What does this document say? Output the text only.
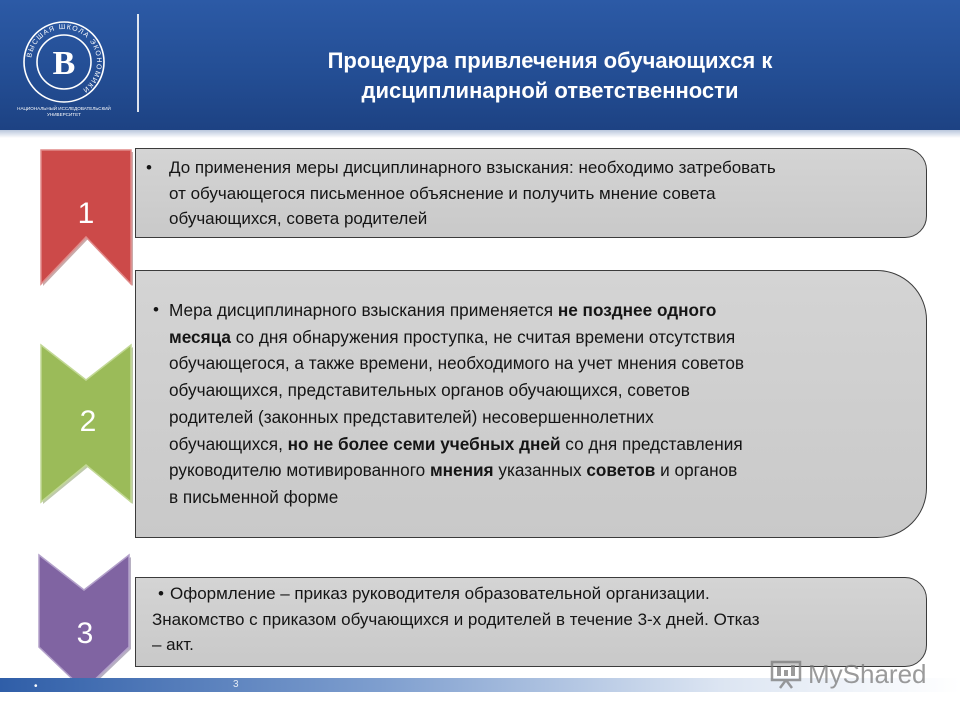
ВЫСШАЯ ШКОЛА ЭКОНОМИКИ
В
НАЦИОНАЛЬНЫЙ ИССЛЕДОВАТЕЛЬСКИЙ
УНИВЕРСИТЕТ
Процедура привлечения обучающихся к
дисциплинарной ответственности
1
2
3
• До применения меры дисциплинарного взыскания: необходимо затребовать
от обучающегося письменное объяснение и получить мнение совета
обучающихся, совета родителей
• Мера дисциплинарного взыскания применяется не позднее одного
месяца со дня обнаружения проступка, не считая времени отсутствия
обучающегося, а также времени, необходимого на учет мнения советов
обучающихся, представительных органов обучающихся, советов
родителей (законных представителей) несовершеннолетних
обучающихся, но не более семи учебных дней со дня представления
руководителю мотивированного мнения указанных советов и органов
в письменной форме
• Оформление – приказ руководителя образовательной организации.
Знакомство с приказом обучающихся и родителей в течение 3-х дней. Отказ
– акт.
•	3	MyShared
